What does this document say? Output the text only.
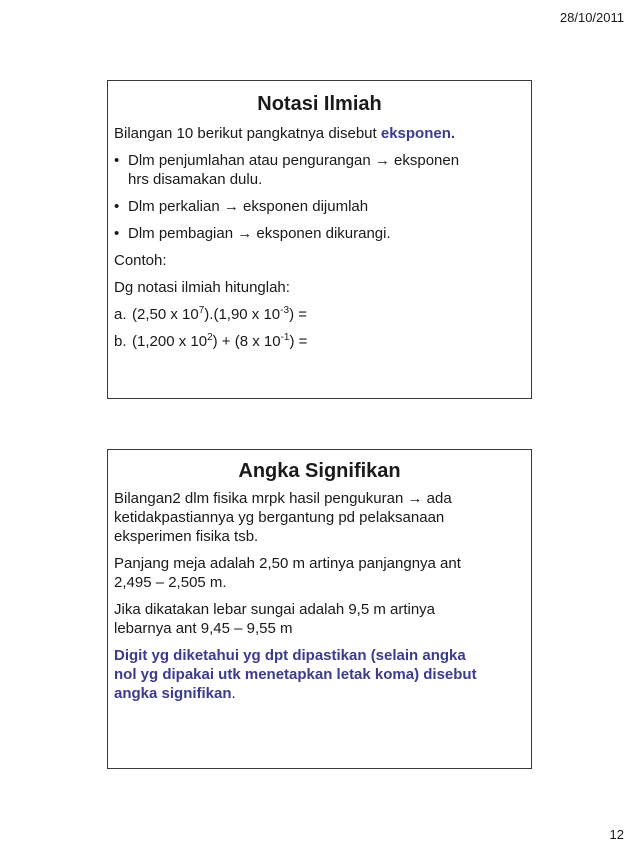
28/10/2011
Notasi Ilmiah

Bilangan 10 berikut pangkatnya disebut eksponen.

• Dlm penjumlahan atau pengurangan → eksponen
hrs disamakan dulu.
• Dlm perkalian → eksponen dijumlah
• Dlm pembagian → eksponen dikurangi.

Contoh:

Dg notasi ilmiah hitunglah:

a. (2,50 x $10^7).(1,90$ x $10^{-3}$) =

b. (1,200 x $10^2) + (8$ x $10^{-1}$) =

Angka Signifikan

Bilangan2 dlm fisika mrpk hasil pengukuran → ada
ketidakpastiannya yg bergantung pd pelaksanaan
eksperimen fisika tsb.

Panjang meja adalah 2,50 m artinya panjangnya ant
2,495 – 2,505 m.

Jika dikatakan lebar sungai adalah 9,5 m artinya
lebarnya ant 9,45 – 9,55 m

Digit yg diketahui yg dpt dipastikan (selain angka
nol yg dipakai utk menetapkan letak koma) disebut
angka signifikan.

12
